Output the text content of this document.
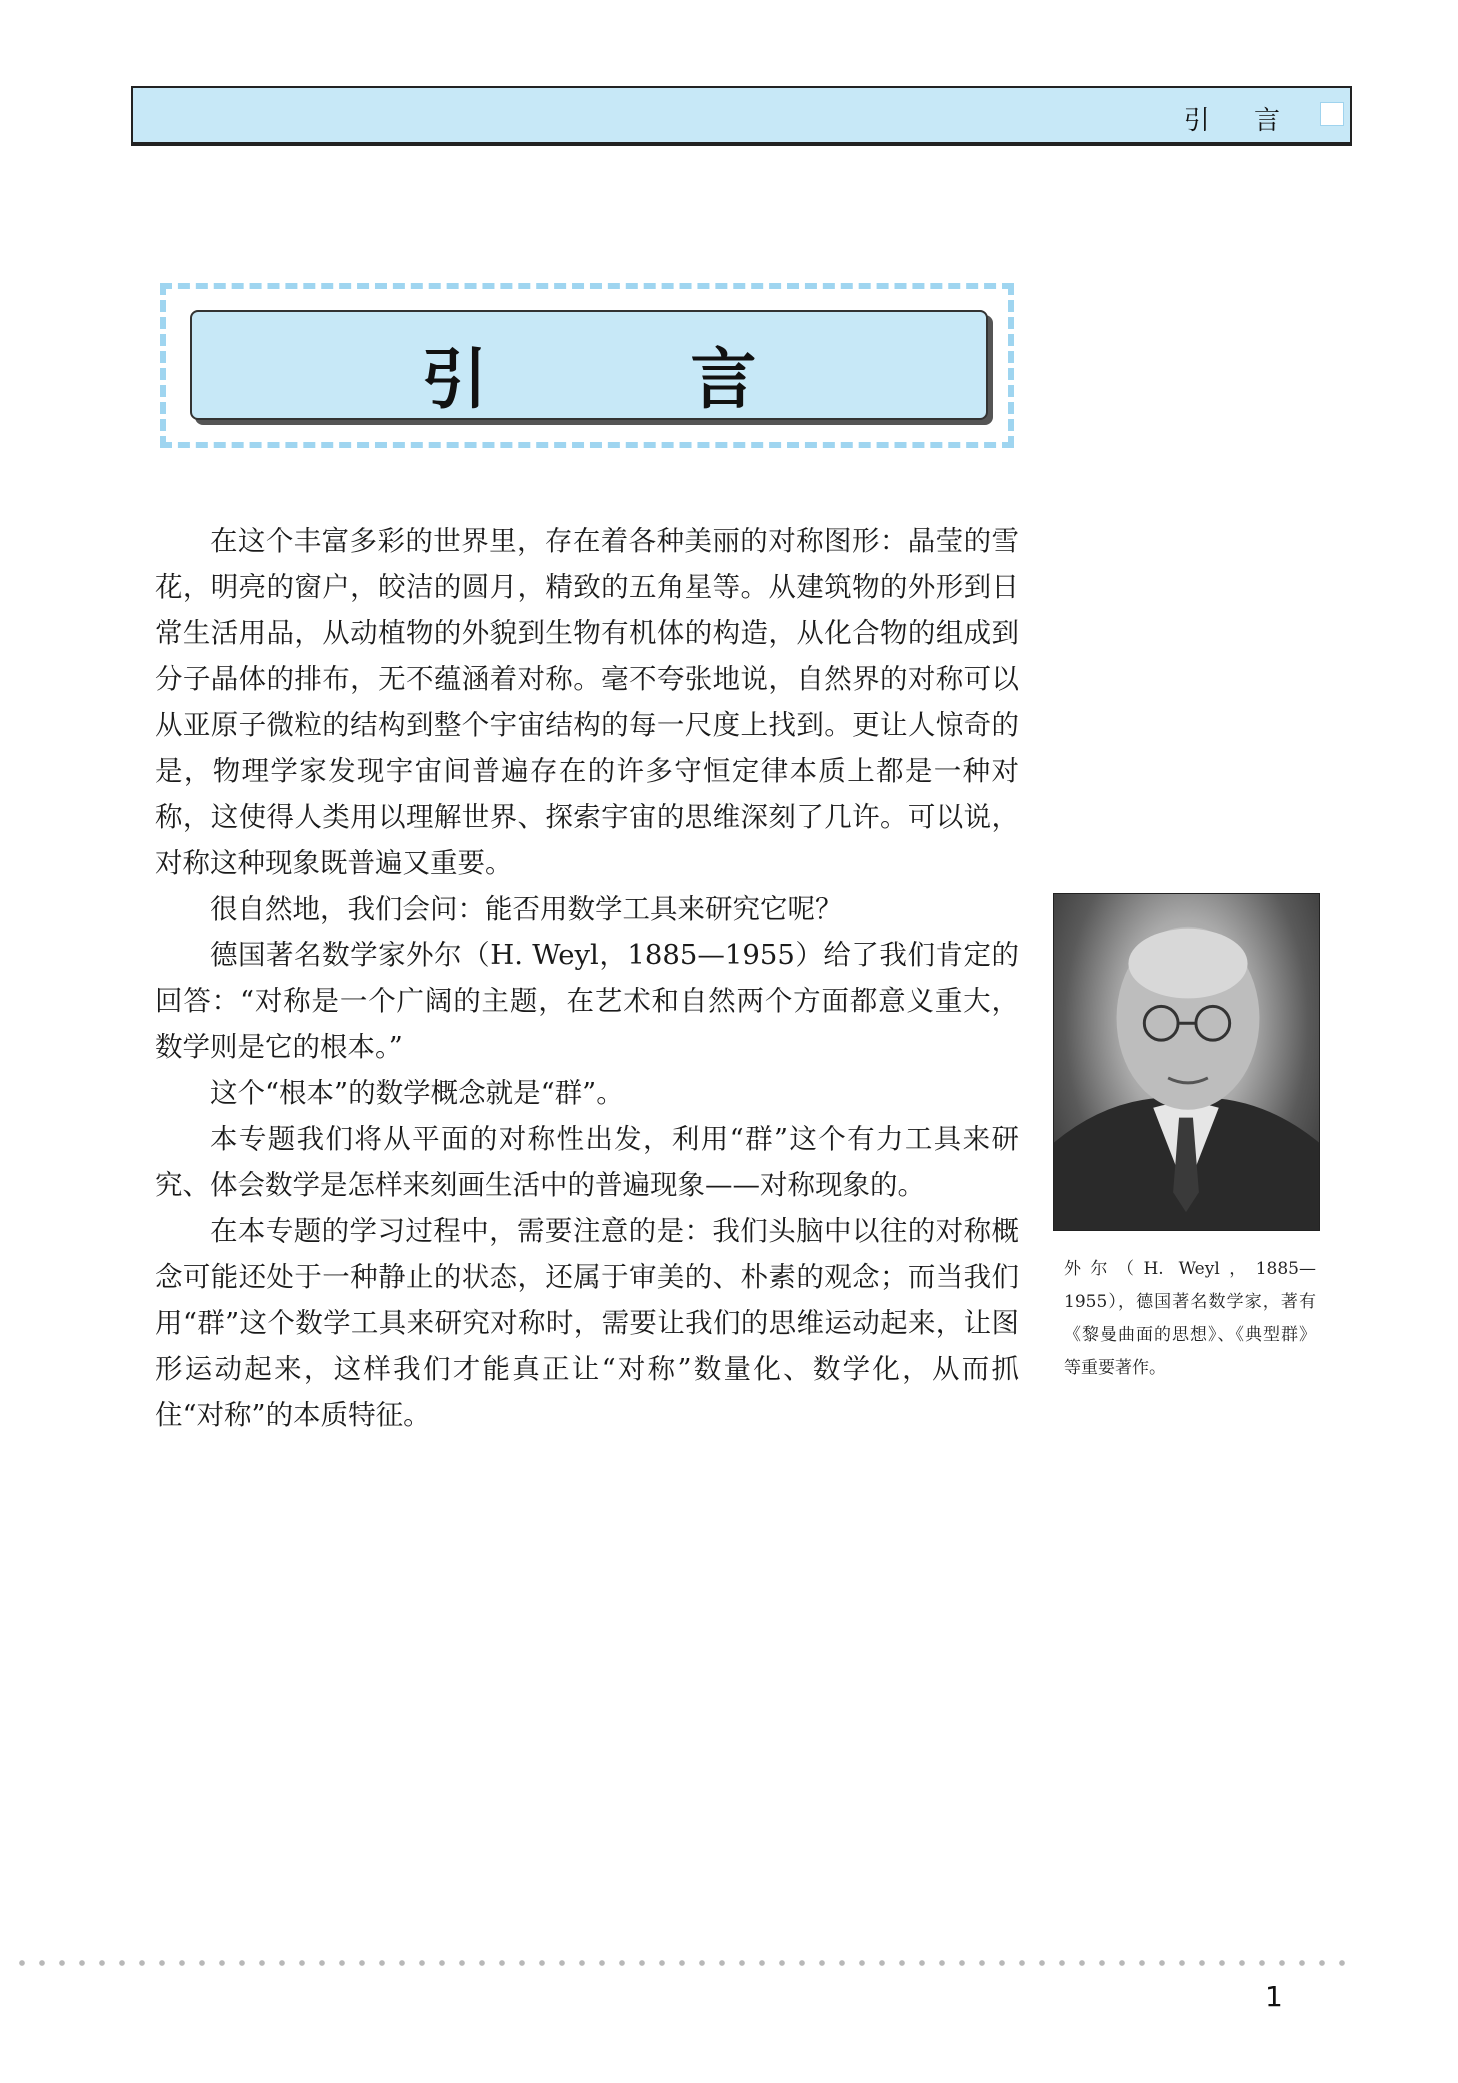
引 言
引 言

在这个丰富多彩的世界里，存在着各种美丽的对称图形：晶莹的雪花，明亮的窗户，皎洁的圆月，精致的五角星等。从建筑物的外形到日常生活用品，从动植物的外貌到生物有机体的构造，从化合物的组成到分子晶体的排布，无不蕴涵着对称。毫不夸张地说，自然界的对称可以从亚原子微粒的结构到整个宇宙结构的每一尺度上找到。更让人惊奇的是，物理学家发现宇宙间普遍存在的许多守恒定律本质上都是一种对称，这使得人类用以理解世界、探索宇宙的思维深刻了几许。可以说，对称这种现象既普遍又重要。

很自然地，我们会问：能否用数学工具来研究它呢？

德国著名数学家外尔（H. Weyl，1885—1955）给了我们肯定的回答：“对称是一个广阔的主题，在艺术和自然两个方面都意义重大，数学则是它的根本。”

这个“根本”的数学概念就是“群”。

本专题我们将从平面的对称性出发，利用“群”这个有力工具来研究、体会数学是怎样来刻画生活中的普遍现象——对称现象的。

在本专题的学习过程中，需要注意的是：我们头脑中以往的对称概念可能还处于一种静止的状态，还属于审美的、朴素的观念；而当我们用“群”这个数学工具来研究对称时，需要让我们的思维运动起来，让图形运动起来，这样我们才能真正让“对称”数量化、数学化，从而抓住“对称”的本质特征。

外尔（H. Weyl，1885—1955），德国著名数学家，著有《黎曼曲面的思想》、《典型群》等重要著作。
1
